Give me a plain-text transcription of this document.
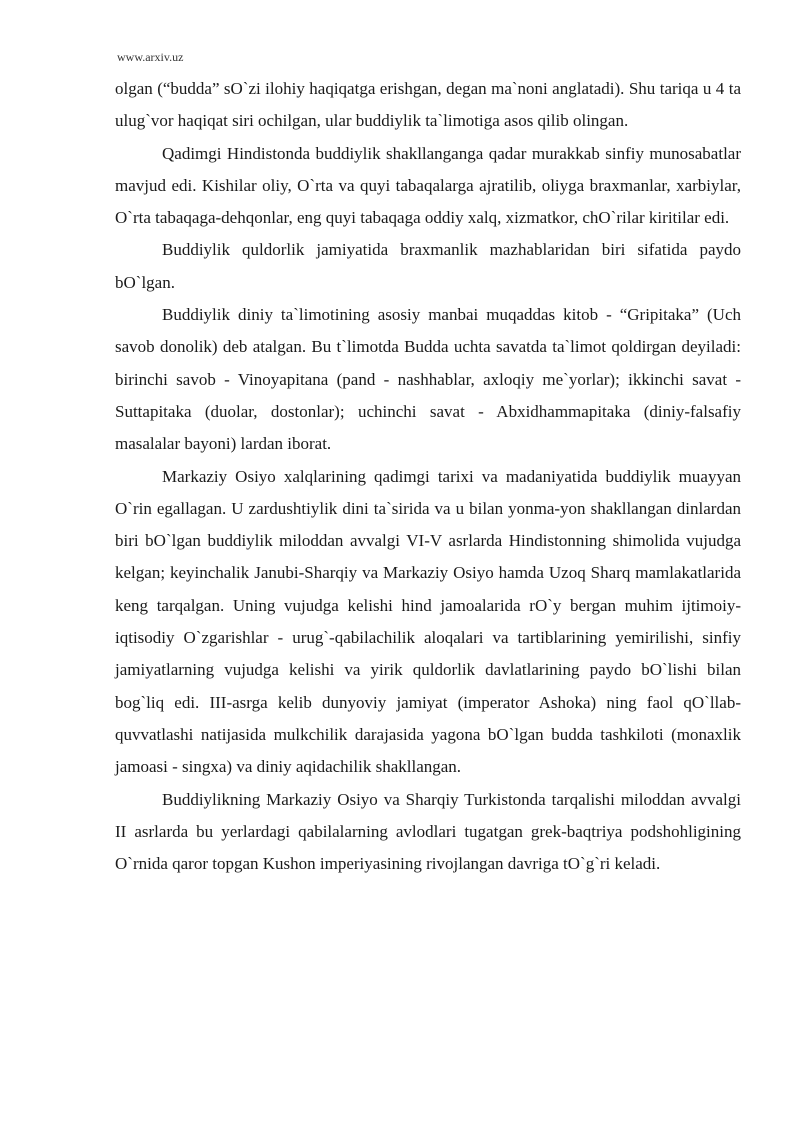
www.arxiv.uz

olgan (“budda” sO`zi ilohiy haqiqatga erishgan, degan ma`noni anglatadi). Shu tariqa u 4 ta ulug`vor haqiqat siri ochilgan, ular buddiylik ta`limotiga asos qilib olingan.

Qadimgi Hindistonda buddiylik shakllanganga qadar murakkab sinfiy munosabatlar mavjud edi. Kishilar oliy, O`rta va quyi tabaqalarga ajratilib, oliyga braxmanlar, xarbiylar, O`rta tabaqaga-dehqonlar, eng quyi tabaqaga oddiy xalq, xizmatkor, chO`rilar kiritilar edi.

Buddiylik quldorlik jamiyatida braxmanlik mazhablaridan biri sifatida paydo bO`lgan.

Buddiylik diniy ta`limotining asosiy manbai muqaddas kitob - “Gripitaka” (Uch savob donolik) deb atalgan. Bu t`limotda Budda uchta savatda ta`limot qoldirgan deyiladi: birinchi savob - Vinoyapitana (pand - nashhablar, axloqiy me`yorlar); ikkinchi savat - Suttapitaka (duolar, dostonlar); uchinchi savat - Abxidhammapitaka (diniy-falsafiy masalalar bayoni) lardan iborat.

Markaziy Osiyo xalqlarining qadimgi tarixi va madaniyatida buddiylik muayyan O`rin egallagan. U zardushtiylik dini ta`sirida va u bilan yonma-yon shakllangan dinlardan biri bO`lgan buddiylik miloddan avvalgi VI-V asrlarda Hindistonning shimolida vujudga kelgan; keyinchalik Janubi-Sharqiy va Markaziy Osiyo hamda Uzoq Sharq mamlakatlarida keng tarqalgan. Uning vujudga kelishi hind jamoalarida rO`y bergan muhim ijtimoiy-iqtisodiy O`zgarishlar - urug`-qabilachilik aloqalari va tartiblarining yemirilishi, sinfiy jamiyatlarning vujudga kelishi va yirik quldorlik davlatlarining paydo bO`lishi bilan bog`liq edi. III-asrga kelib dunyoviy jamiyat (imperator Ashoka) ning faol qO`llab-quvvatlashi natijasida mulkchilik darajasida yagona bO`lgan budda tashkiloti (monaxlik jamoasi - singxa) va diniy aqidachilik shakllangan.

Buddiylikning Markaziy Osiyo va Sharqiy Turkistonda tarqalishi miloddan avvalgi II asrlarda bu yerlardagi qabilalarning avlodlari tugatgan grek-baqtriya podshohligining O`rnida qaror topgan Kushon imperiyasining rivojlangan davriga tO`g`ri keladi.
